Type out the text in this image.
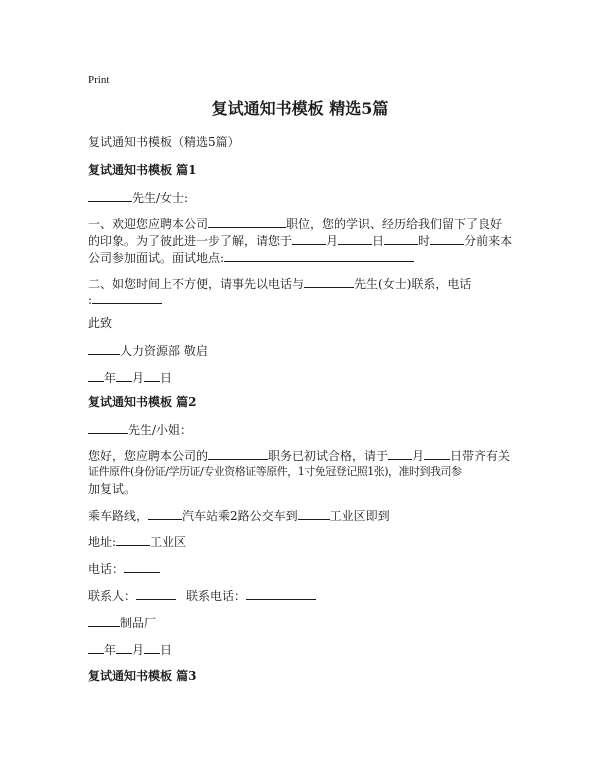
Print
复试通知书模板 精选5篇
复试通知书模板（精选5篇）
复试通知书模板 篇1
先生/女士:
一、欢迎您应聘本公司	职位，您的学识、经历给我们留下了良好
的印象。为了彼此进一步了解，请您于	月	日	时	分前来本
公司参加面试。面试地点:
二、如您时间上不方便，请事先以电话与	先生(女士)联系，电话
:
此致
人力资源部 敬启
年 月 日
复试通知书模板 篇2
先生/小姐：
您好，您应聘本公司的	职务已初试合格，请于 月 日带齐有关
证件原件(身份证/学历证/专业资格证等原件，1寸免冠登记照1张)，准时到我司参
加复试。
乘车路线，	汽车站乘2路公交车到	工业区即到
地址:	工业区
电话：
联系人：	联系电话：
制品厂
年 月 日
复试通知书模板 篇3
